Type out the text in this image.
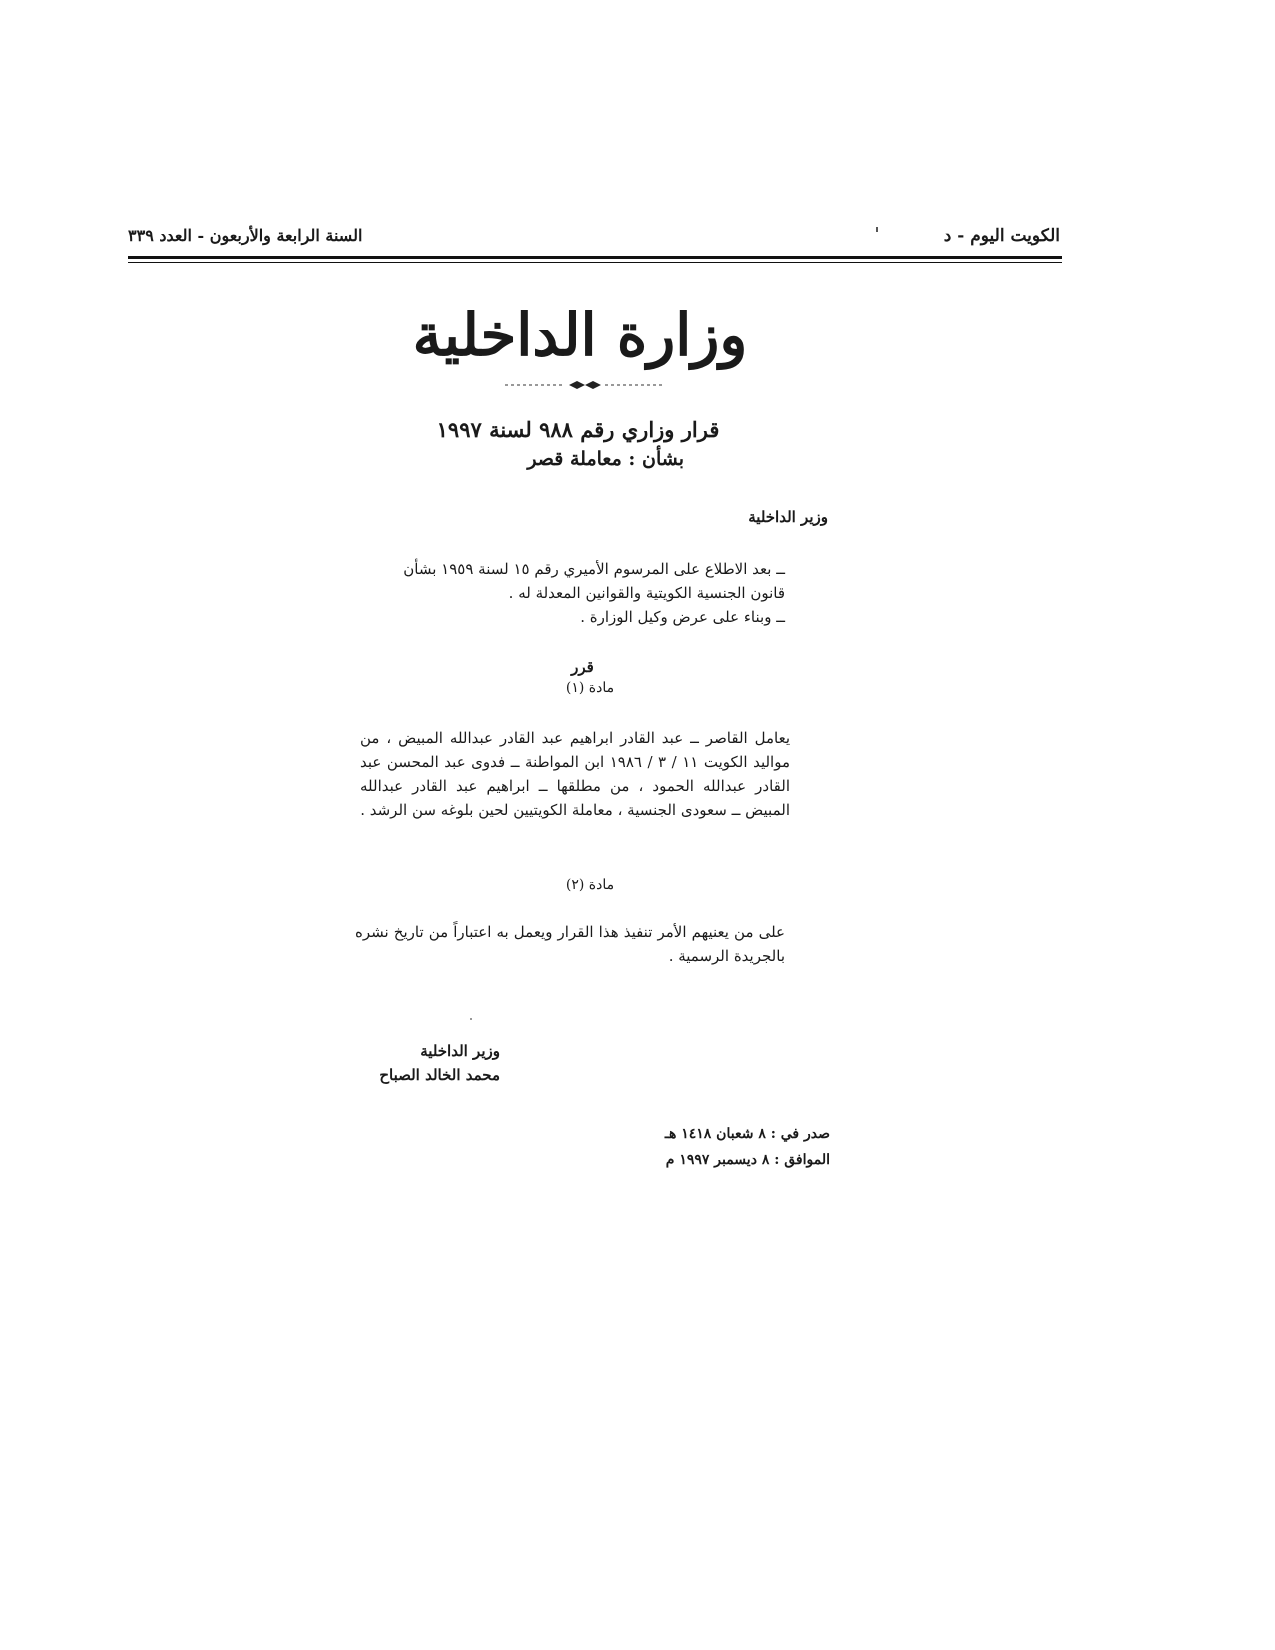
الكويت اليوم - د
السنة الرابعة والأربعون - العدد ٣٣٩
وزارة الداخلية
قرار وزاري رقم ٩٨٨ لسنة ١٩٩٧
بشأن : معاملة قصر
وزير الداخلية
ــ بعد الاطلاع على المرسوم الأميري رقم ١٥ لسنة ١٩٥٩ بشأن
قانون الجنسية الكويتية والقوانين المعدلة له .
ــ وبناء على عرض وكيل الوزارة .
قرر
مادة (١)
يعامل القاصر ــ عبد القادر ابراهيم عبد القادر عبدالله المبيض ، من مواليد الكويت ١١ / ٣ / ١٩٨٦ ابن المواطنة ــ فدوى عبد المحسن عبد القادر عبدالله الحمود ، من مطلقها ــ ابراهيم عبد القادر عبدالله المبيض ــ سعودى الجنسية ، معاملة الكويتيين لحين بلوغه سن الرشد .
مادة (٢)
على من يعنيهم الأمر تنفيذ هذا القرار ويعمل به اعتباراً من تاريخ نشره بالجريدة الرسمية .
وزير الداخلية
محمد الخالد الصباح
صدر في : ٨ شعبان ١٤١٨ هـ
الموافق : ٨ ديسمبر ١٩٩٧ م
